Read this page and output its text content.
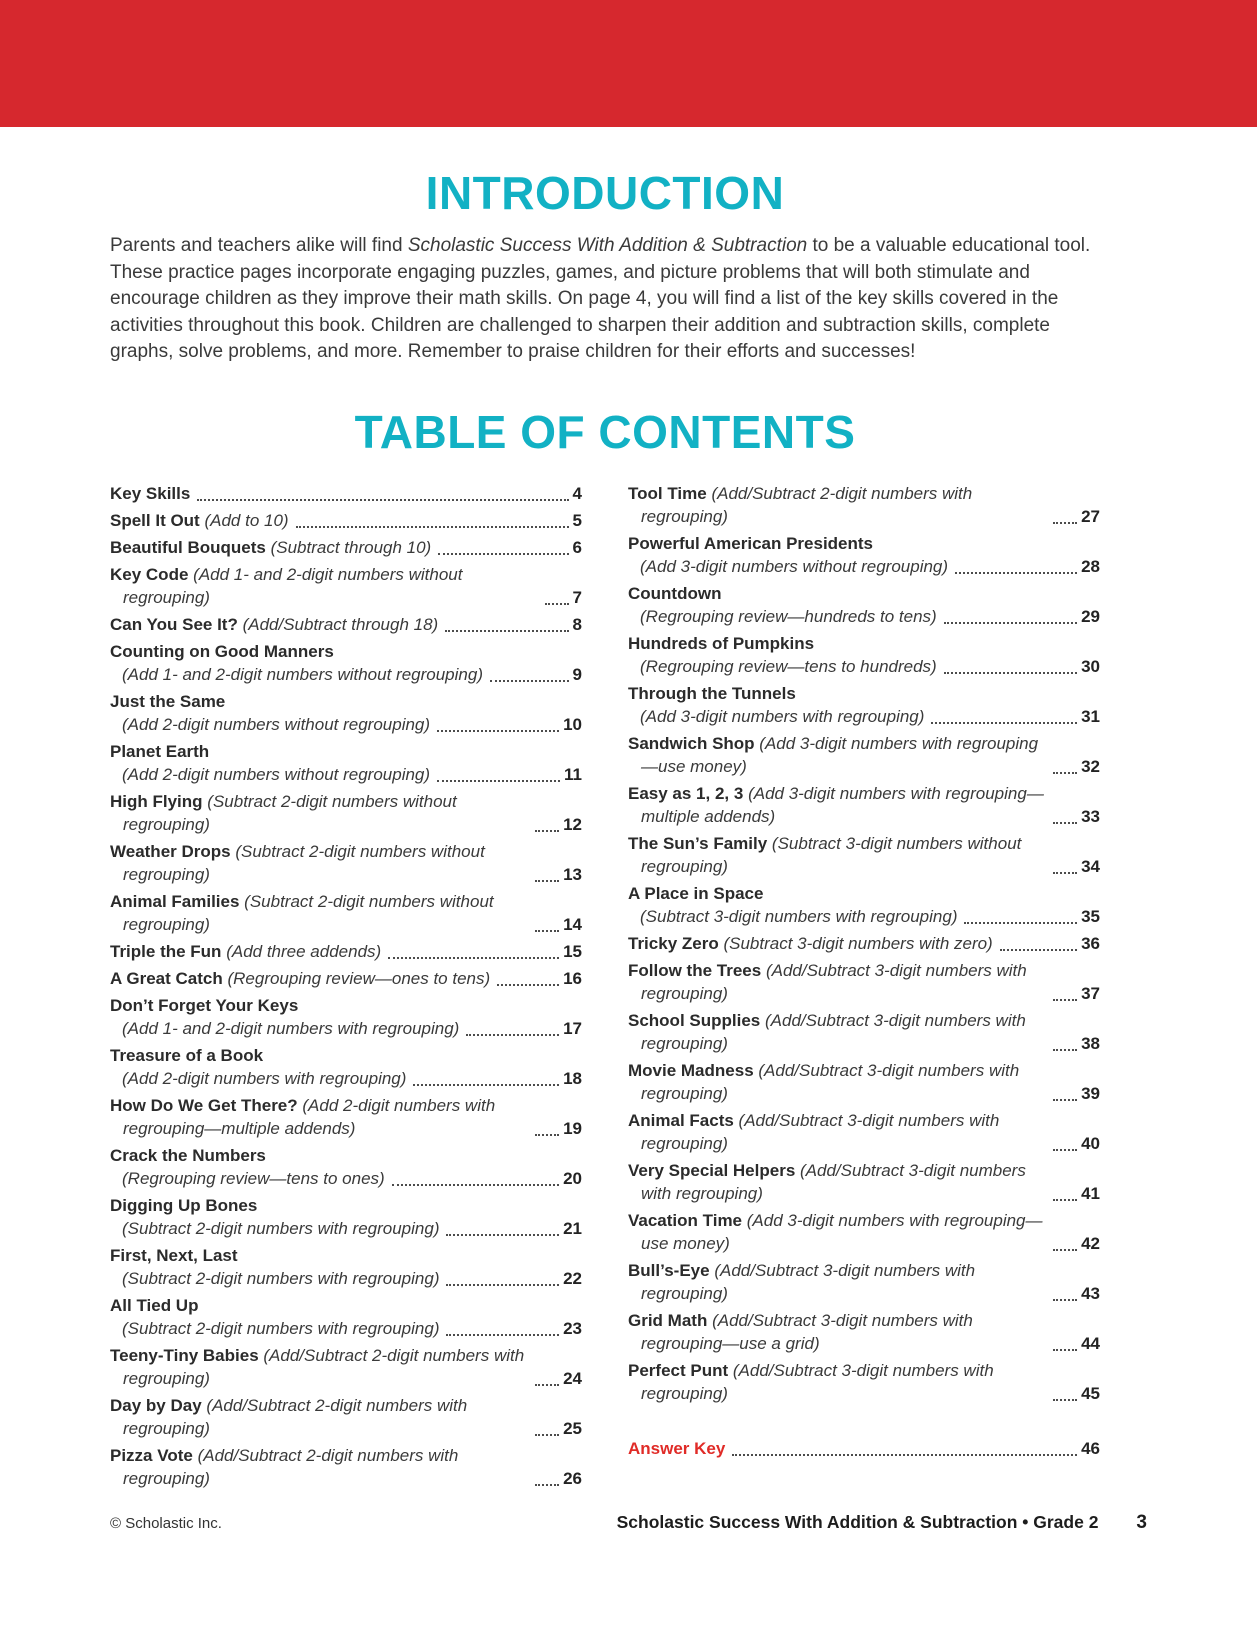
INTRODUCTION

Parents and teachers alike will find Scholastic Success With Addition & Subtraction to be a valuable educational tool. These practice pages incorporate engaging puzzles, games, and picture problems that will both stimulate and encourage children as they improve their math skills. On page 4, you will find a list of the key skills covered in the activities throughout this book. Children are challenged to sharpen their addition and subtraction skills, complete graphs, solve problems, and more. Remember to praise children for their efforts and successes!

TABLE OF CONTENTS
Key Skills	4
Spell It Out (Add to 10)	5
Beautiful Bouquets (Subtract through 10)	6
Key Code (Add 1- and 2-digit numbers without regrouping)	7
Can You See It? (Add/Subtract through 18)	8
Counting on Good Manners
(Add 1- and 2-digit numbers without regrouping)	9
Just the Same
(Add 2-digit numbers without regrouping)	10
Planet Earth
(Add 2-digit numbers without regrouping)	11
High Flying (Subtract 2-digit numbers without regrouping)	12
Weather Drops (Subtract 2-digit numbers without regrouping)	13
Animal Families (Subtract 2-digit numbers without regrouping)	14
Triple the Fun (Add three addends)	15
A Great Catch (Regrouping review—ones to tens)	16
Don’t Forget Your Keys
(Add 1- and 2-digit numbers with regrouping)	17
Treasure of a Book
(Add 2-digit numbers with regrouping)	18
How Do We Get There? (Add 2-digit numbers with regrouping—multiple addends)	19
Crack the Numbers
(Regrouping review—tens to ones)	20
Digging Up Bones
(Subtract 2-digit numbers with regrouping)	21
First, Next, Last
(Subtract 2-digit numbers with regrouping)	22
All Tied Up
(Subtract 2-digit numbers with regrouping)	23
Teeny-Tiny Babies (Add/Subtract 2-digit numbers with regrouping)	24
Day by Day (Add/Subtract 2-digit numbers with regrouping)	25
Pizza Vote (Add/Subtract 2-digit numbers with regrouping)	26
Tool Time (Add/Subtract 2-digit numbers with regrouping)	27
Powerful American Presidents
(Add 3-digit numbers without regrouping)	28
Countdown
(Regrouping review—hundreds to tens)	29
Hundreds of Pumpkins
(Regrouping review—tens to hundreds)	30
Through the Tunnels
(Add 3-digit numbers with regrouping)	31
Sandwich Shop (Add 3-digit numbers with regrouping—use money)	32
Easy as 1, 2, 3 (Add 3-digit numbers with regrouping—multiple addends)	33
The Sun’s Family (Subtract 3-digit numbers without regrouping)	34
A Place in Space
(Subtract 3-digit numbers with regrouping)	35
Tricky Zero (Subtract 3-digit numbers with zero)	36
Follow the Trees (Add/Subtract 3-digit numbers with regrouping)	37
School Supplies (Add/Subtract 3-digit numbers with regrouping)	38
Movie Madness (Add/Subtract 3-digit numbers with regrouping)	39
Animal Facts (Add/Subtract 3-digit numbers with regrouping)	40
Very Special Helpers (Add/Subtract 3-digit numbers with regrouping)	41
Vacation Time (Add 3-digit numbers with regrouping—use money)	42
Bull’s-Eye (Add/Subtract 3-digit numbers with regrouping)	43
Grid Math (Add/Subtract 3-digit numbers with regrouping—use a grid)	44
Perfect Punt (Add/Subtract 3-digit numbers with regrouping)	45
Answer Key	46
© Scholastic Inc.	Scholastic Success With Addition & Subtraction • Grade 2 3
